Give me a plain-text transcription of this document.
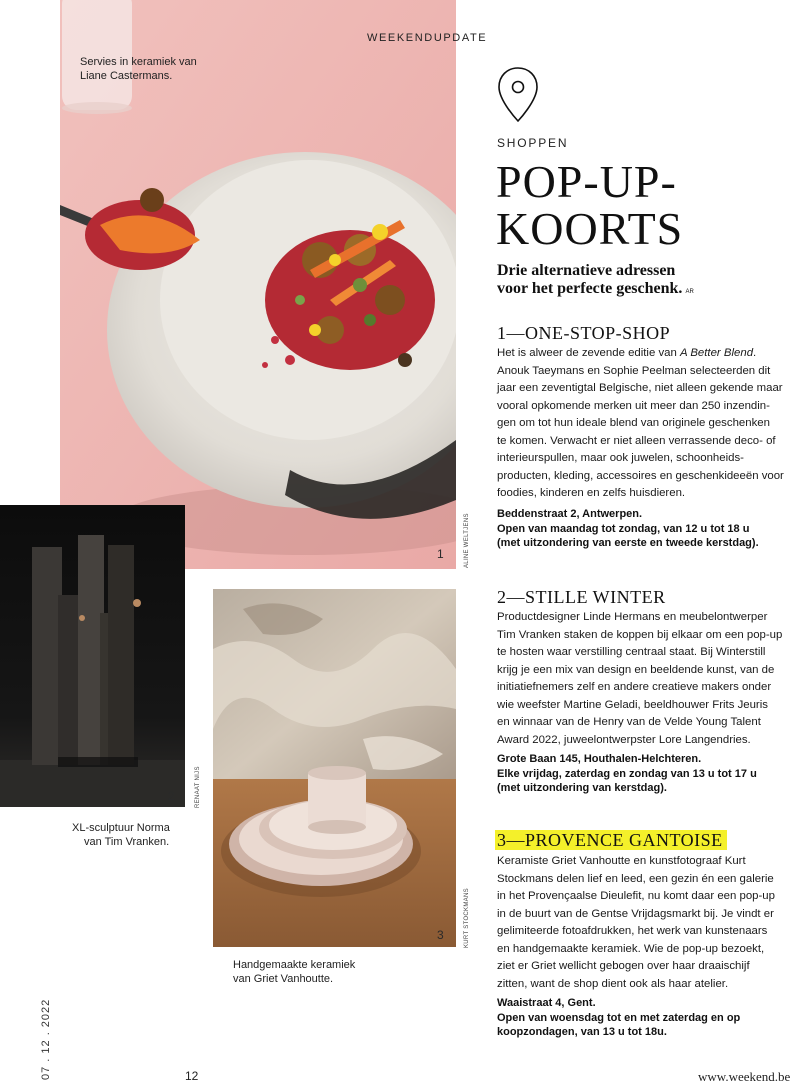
WEEKENDUPDATE
Servies in keramiek van
Liane Castermans.
1	ALINE WELTJENS
2	RENAAT NIJS
XL-sculptuur Norma
van Tim Vranken.
3	KURT STOCKMANS
Handgemaakte keramiek
van Griet Vanhoutte.
SHOPPEN
POP-UP-
KOORTS
Drie alternatieve adressen
voor het perfecte geschenk. AR
1—ONE-STOP-SHOP
Het is alweer de zevende editie van A Better Blend.
Anouk Taeymans en Sophie Peelman selecteerden dit
jaar een zeventigtal Belgische, niet alleen gekende maar
vooral opkomende merken uit meer dan 250 inzendin-
gen om tot hun ideale blend van originele geschenken
te komen. Verwacht er niet alleen verrassende deco- of
interieurspullen, maar ook juwelen, schoonheids-
producten, kleding, accessoires en geschenkideeën voor
foodies, kinderen en zelfs huisdieren.
Beddenstraat 2, Antwerpen.
Open van maandag tot zondag, van 12 u tot 18 u
(met uitzondering van eerste en tweede kerstdag).
2—STILLE WINTER
Productdesigner Linde Hermans en meubelontwerper
Tim Vranken staken de koppen bij elkaar om een pop-up
te hosten waar verstilling centraal staat. Bij Winterstill
krijg je een mix van design en beeldende kunst, van de
initiatiefnemers zelf en andere creatieve makers onder
wie weefster Martine Geladi, beeldhouwer Frits Jeuris
en winnaar van de Henry van de Velde Young Talent
Award 2022, juweelontwerpster Lore Langendries.
Grote Baan 145, Houthalen-Helchteren.
Elke vrijdag, zaterdag en zondag van 13 u tot 17 u
(met uitzondering van kerstdag).
3—PROVENCE GANTOISE
Keramiste Griet Vanhoutte en kunstfotograaf Kurt
Stockmans delen lief en leed, een gezin én een galerie
in het Provençaalse Dieulefit, nu komt daar een pop-up
in de buurt van de Gentse Vrijdagsmarkt bij. Je vindt er
gelimiteerde fotoafdrukken, het werk van kunstenaars
en handgemaakte keramiek. Wie de pop-up bezoekt,
ziet er Griet wellicht gebogen over haar draaischijf
zitten, want de shop dient ook als haar atelier.
Waaistraat 4, Gent.
Open van woensdag tot en met zaterdag en op
koopzondagen, van 13 u tot 18u.
07 . 12 . 2022	12	www.weekend.be
